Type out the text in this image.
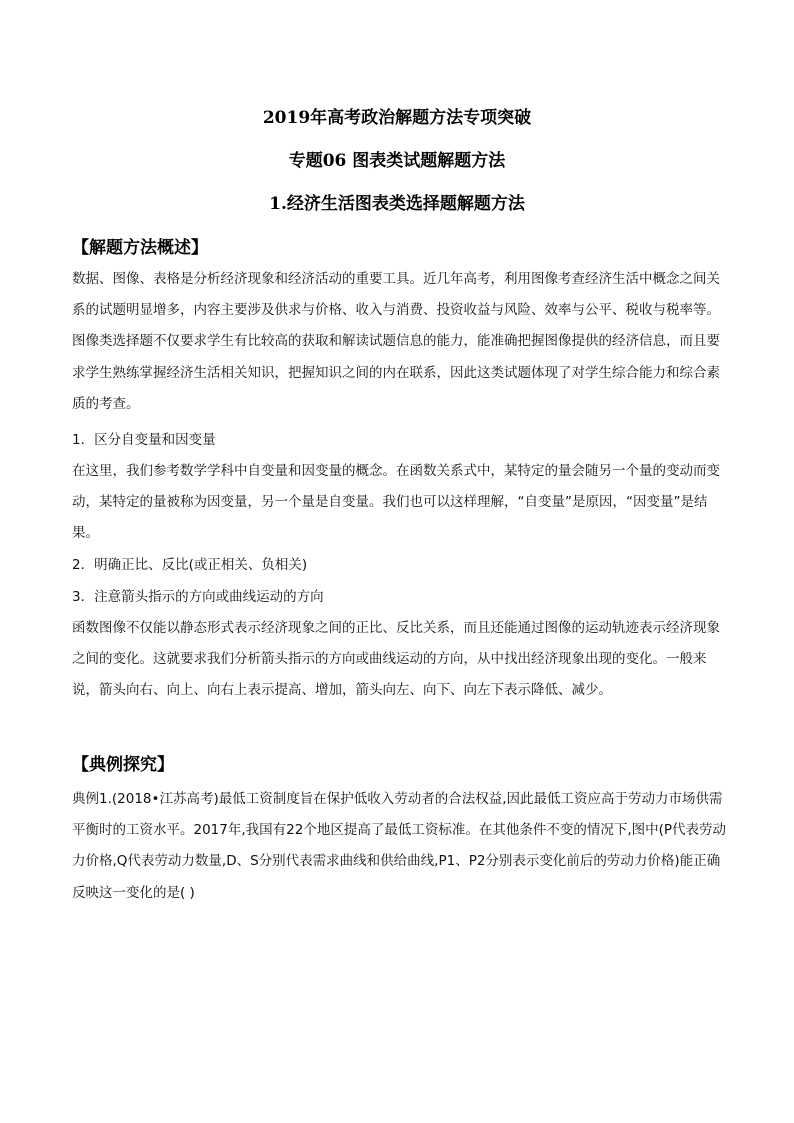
2019年高考政治解题方法专项突破
专题06 图表类试题解题方法
1.经济生活图表类选择题解题方法
【解题方法概述】
数据、图像、表格是分析经济现象和经济活动的重要工具。近几年高考，利用图像考查经济生活中概念之间关系的试题明显增多，内容主要涉及供求与价格、收入与消费、投资收益与风险、效率与公平、税收与税率等。图像类选择题不仅要求学生有比较高的获取和解读试题信息的能力，能准确把握图像提供的经济信息，而且要求学生熟练掌握经济生活相关知识，把握知识之间的内在联系，因此这类试题体现了对学生综合能力和综合素质的考查。
1．区分自变量和因变量
在这里，我们参考数学学科中自变量和因变量的概念。在函数关系式中，某特定的量会随另一个量的变动而变动，某特定的量被称为因变量，另一个量是自变量。我们也可以这样理解，“自变量”是原因，“因变量”是结果。
2．明确正比、反比(或正相关、负相关)
3．注意箭头指示的方向或曲线运动的方向
函数图像不仅能以静态形式表示经济现象之间的正比、反比关系，而且还能通过图像的运动轨迹表示经济现象之间的变化。这就要求我们分析箭头指示的方向或曲线运动的方向，从中找出经济现象出现的变化。一般来说，箭头向右、向上、向右上表示提高、增加，箭头向左、向下、向左下表示降低、减少。
【典例探究】
典例1.(2018•江苏高考)最低工资制度旨在保护低收入劳动者的合法权益,因此最低工资应高于劳动力市场供需平衡时的工资水平。2017年,我国有22个地区提高了最低工资标准。在其他条件不变的情况下,图中(P代表劳动力价格,Q代表劳动力数量,D、S分别代表需求曲线和供给曲线,P1、P2分别表示变化前后的劳动力价格)能正确反映这一变化的是( )
